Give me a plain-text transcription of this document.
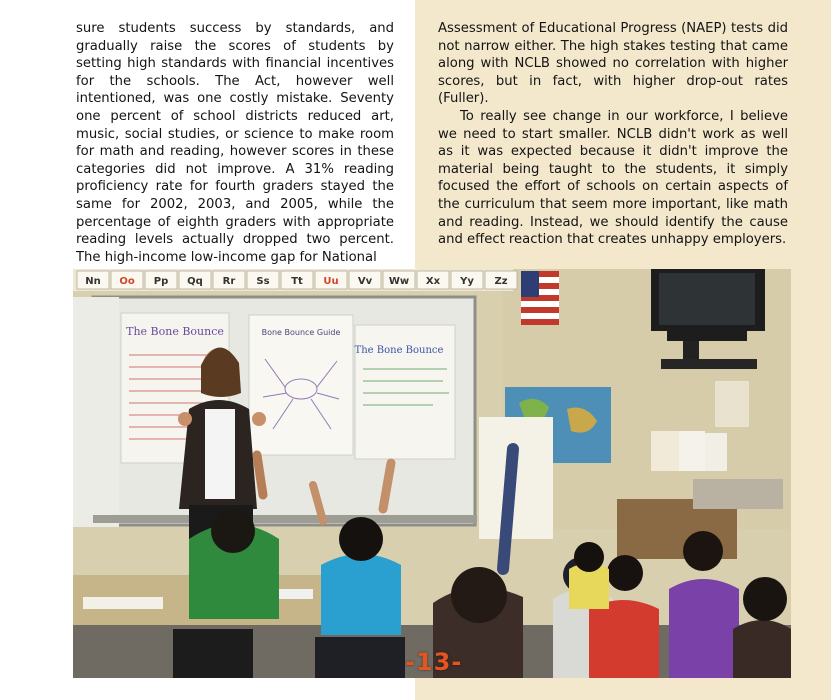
sure students success by standards, and gradually raise the scores of students by setting high standards with financial incentives for the schools. The Act, however well intentioned, was one costly mistake. Seventy one percent of school districts reduced art, music, social studies, or science to make room for math and reading, however scores in these categories did not improve. A 31% reading proficiency rate for fourth graders stayed the same for 2002, 2003, and 2005, while the percentage of eighth graders with appropriate reading levels actually dropped two percent. The high-income low-income gap for National

Assessment of Educational Progress (NAEP) tests did not narrow either. The high stakes testing that came along with NCLB showed no correlation with higher scores, but in fact, with higher drop-out rates (Fuller).

To really see change in our workforce, I believe we need to start smaller. NCLB didn't work as well as it was expected because it didn't improve the material being taught to the students, it simply focused the effort of schools on certain aspects of the curriculum that seem more important, like math and reading. Instead, we should identify the cause and effect reaction that creates unhappy employers.

Nn Oo Pp Qq Rr Ss Tt Uu Vv Ww Xx Yy Zz
The Bone Bounce	Bone Bounce Guide
The Bone Bounce
-13-
